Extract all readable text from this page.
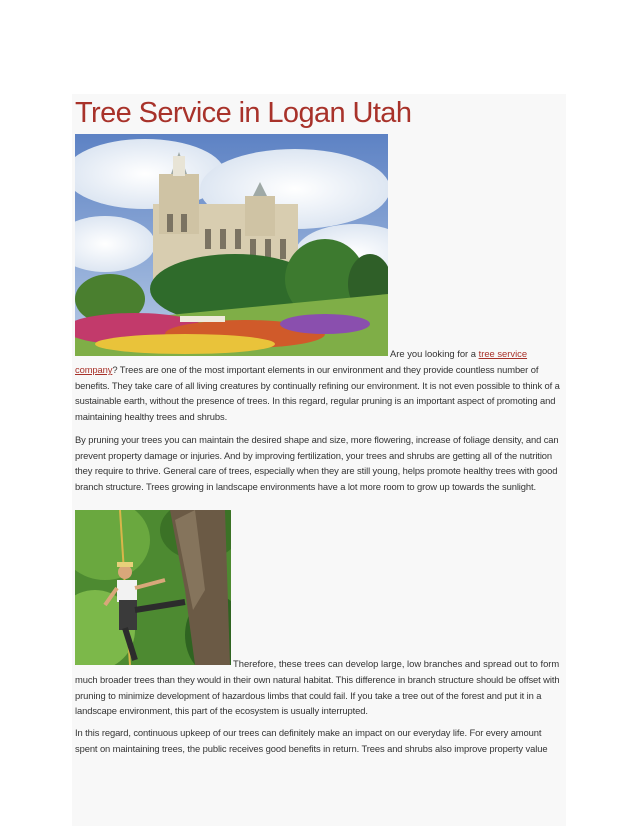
Tree Service in Logan Utah
Are you looking for a tree service

company? Trees are one of the most important elements in our environment and they provide countless number of benefits. They take care of all living creatures by continually refining our environment. It is not even possible to think of a sustainable earth, without the presence of trees. In this regard, regular pruning is an important aspect of promoting and maintaining healthy trees and shrubs.

By pruning your trees you can maintain the desired shape and size, more flowering, increase of foliage density, and can prevent property damage or injuries. And by improving fertilization, your trees and shrubs are getting all of the nutrition they require to thrive. General care of trees, especially when they are still young, helps promote healthy trees with good branch structure. Trees growing in landscape environments have a lot more room to grow up towards the sunlight.

Therefore, these trees can develop large, low branches and spread out to form

much broader trees than they would in their own natural habitat. This difference in branch structure should be offset with pruning to minimize development of hazardous limbs that could fail. If you take a tree out of the forest and put it in a landscape environment, this part of the ecosystem is usually interrupted.

In this regard, continuous upkeep of our trees can definitely make an impact on our everyday life. For every amount spent on maintaining trees, the public receives good benefits in return. Trees and shrubs also improve property value
